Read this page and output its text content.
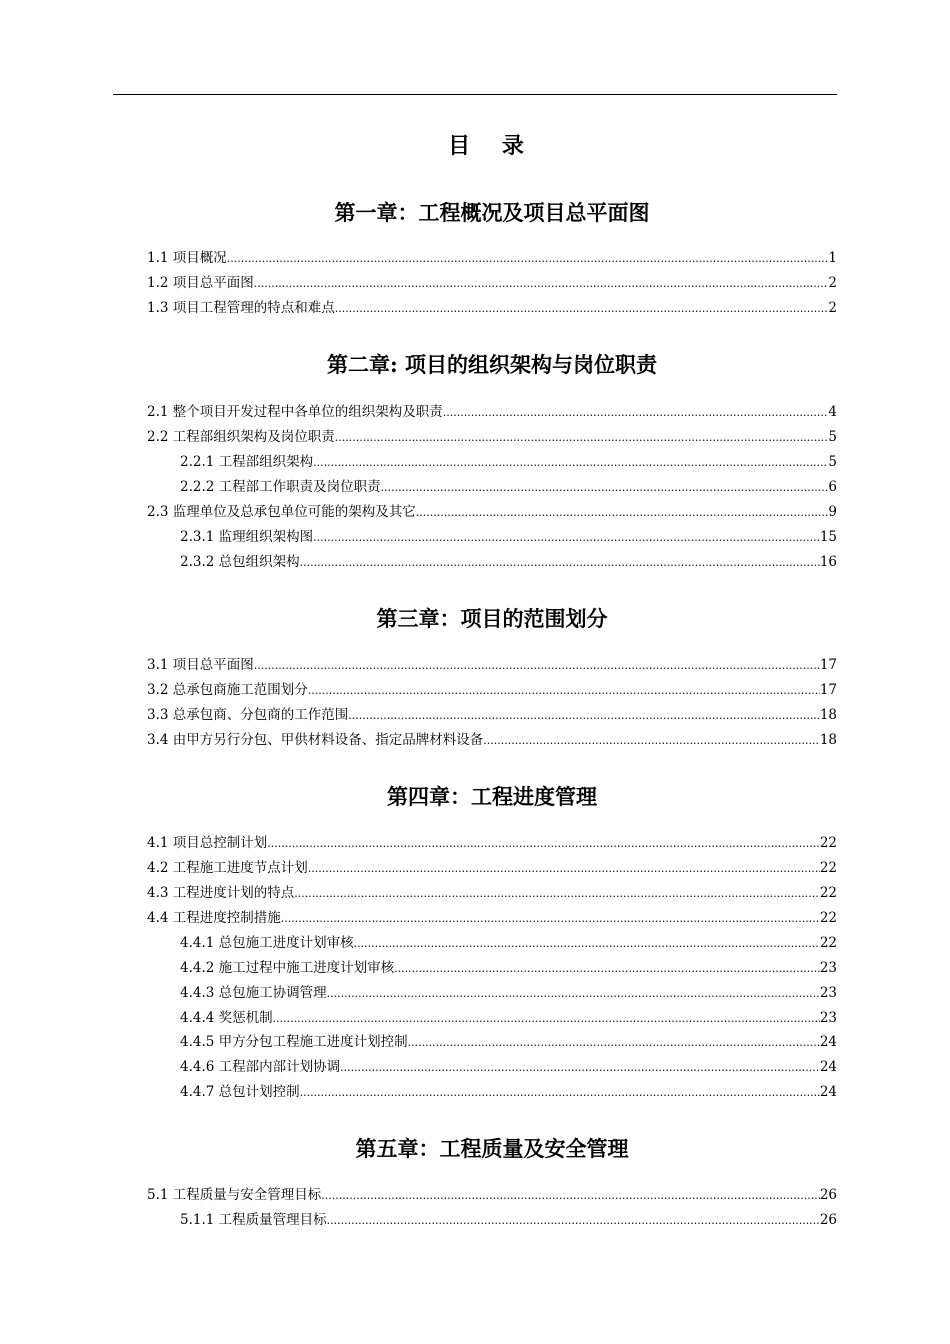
目 录
第一章：工程概况及项目总平面图
1.1 项目概况 .....	1
1.2 项目总平面图 .....	2
1.3 项目工程管理的特点和难点 .....	2
第二章: 项目的组织架构与岗位职责
2.1 整个项目开发过程中各单位的组织架构及职责 .....	4
2.2 工程部组织架构及岗位职责 .....	5
2.2.1 工程部组织架构 .....	5
2.2.2 工程部工作职责及岗位职责 .....	6
2.3 监理单位及总承包单位可能的架构及其它 .....	9
2.3.1 监理组织架构图 .....	15
2.3.2 总包组织架构 .....	16
第三章：项目的范围划分
3.1 项目总平面图 .....	17
3.2 总承包商施工范围划分 .....	17
3.3 总承包商、分包商的工作范围 .....	18
3.4 由甲方另行分包、甲供材料设备、指定品牌材料设备 .....	18
第四章：工程进度管理
4.1 项目总控制计划 .....	22
4.2 工程施工进度节点计划 .....	22
4.3 工程进度计划的特点 .....	22
4.4 工程进度控制措施 .....	22
4.4.1 总包施工进度计划审核 .....	22
4.4.2 施工过程中施工进度计划审核 .....	23
4.4.3 总包施工协调管理 .....	23
4.4.4 奖惩机制 .....	23
4.4.5 甲方分包工程施工进度计划控制 .....	24
4.4.6 工程部内部计划协调 .....	24
4.4.7 总包计划控制 .....	24
第五章：工程质量及安全管理
5.1 工程质量与安全管理目标 .....	26
5.1.1 工程质量管理目标 .....	26
